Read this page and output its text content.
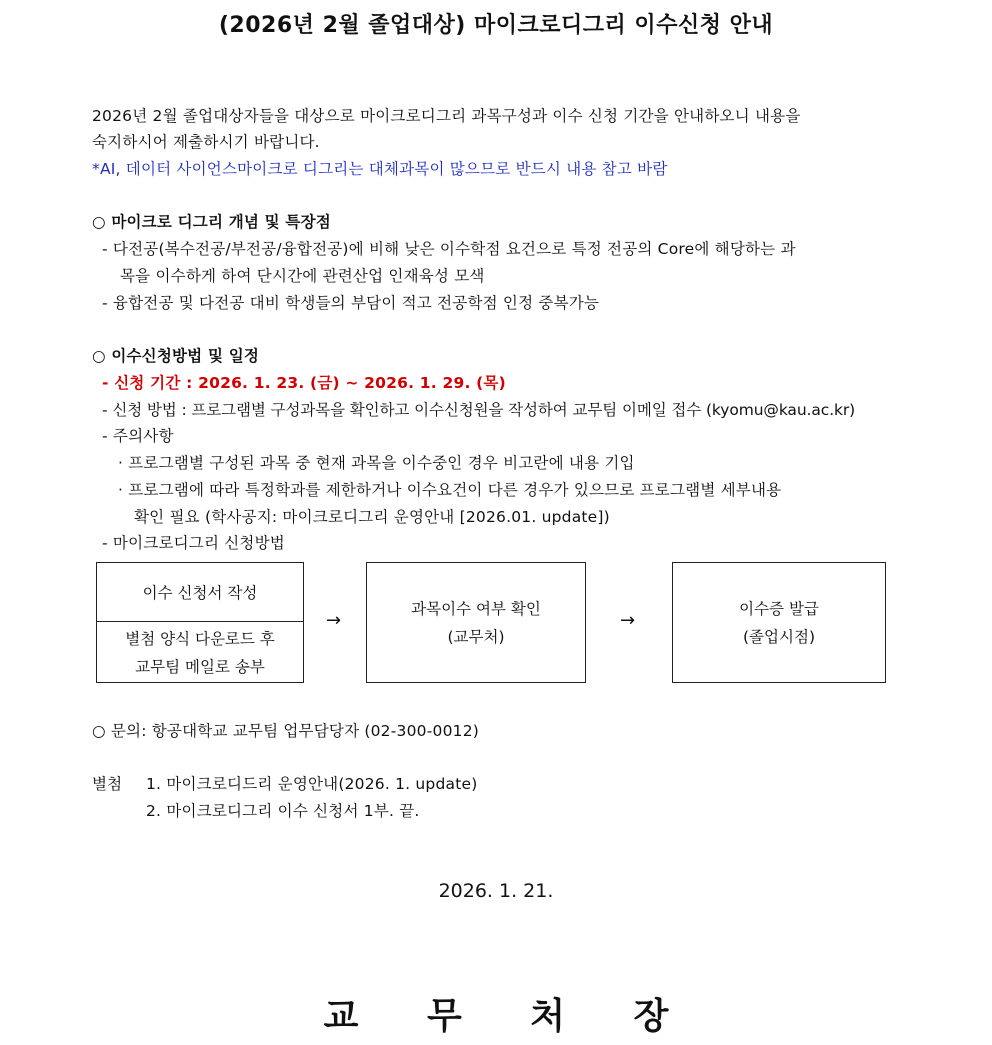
(2026년 2월 졸업대상) 마이크로디그리 이수신청 안내
2026년 2월 졸업대상자들을 대상으로 마이크로디그리 과목구성과 이수 신청 기간을 안내하오니 내용을
숙지하시어 제출하시기 바랍니다.
*AI, 데이터 사이언스마이크로 디그리는 대체과목이 많으므로 반드시 내용 참고 바람
○ 마이크로 디그리 개념 및 특장점
- 다전공(복수전공/부전공/융합전공)에 비해 낮은 이수학점 요건으로 특정 전공의 Core에 해당하는 과
목을 이수하게 하여 단시간에 관련산업 인재육성 모색
- 융합전공 및 다전공 대비 학생들의 부담이 적고 전공학점 인정 중복가능
○ 이수신청방법 및 일정
- 신청 기간 : 2026. 1. 23. (금) ~ 2026. 1. 29. (목)
- 신청 방법 : 프로그램별 구성과목을 확인하고 이수신청원을 작성하여 교무팀 이메일 접수 (kyomu@kau.ac.kr)
- 주의사항
· 프로그램별 구성된 과목 중 현재 과목을 이수중인 경우 비고란에 내용 기입
· 프로그램에 따라 특정학과를 제한하거나 이수요건이 다른 경우가 있으므로 프로그램별 세부내용
확인 필요 (학사공지: 마이크로디그리 운영안내 [2026.01. update])
- 마이크로디그리 신청방법
이수 신청서 작성
별첨 양식 다운로드 후
교무팀 메일로 송부
→
과목이수 여부 확인
(교무처)
→
이수증 발급
(졸업시점)
○ 문의: 항공대학교 교무팀 업무담당자 (02-300-0012)
별첨 1. 마이크로디드리 운영안내(2026. 1. update)
2. 마이크로디그리 이수 신청서 1부. 끝.
2026. 1. 21.
교 무 처 장
